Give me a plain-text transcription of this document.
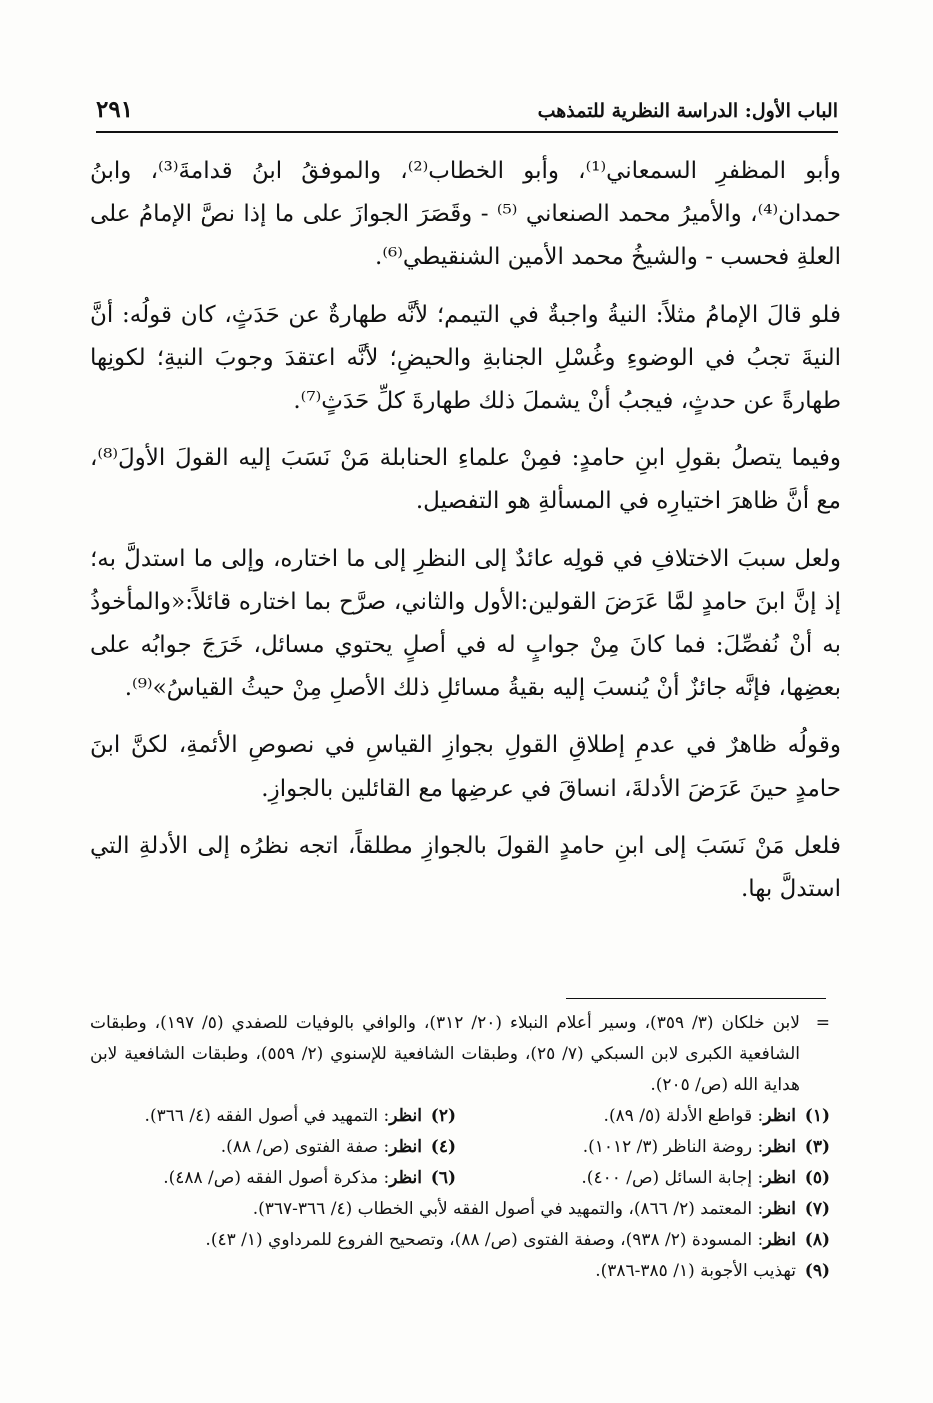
الباب الأول: الدراسة النظرية للتمذهب
٢٩١

وأبو المظفرِ السمعاني⁽¹⁾، وأبو الخطاب⁽²⁾، والموفقُ ابنُ قدامةَ⁽³⁾، وابنُ حمدان⁽⁴⁾، والأميرُ محمد الصنعاني ⁽⁵⁾ - وقَصَرَ الجوازَ على ما إذا نصَّ الإمامُ على العلةِ فحسب - والشيخُ محمد الأمين الشنقيطي⁽⁶⁾.

فلو قالَ الإمامُ مثلاً: النيةُ واجبةٌ في التيمم؛ لأنَّه طهارةٌ عن حَدَثٍ، كان قولُه: أنَّ النيةَ تجبُ في الوضوءِ وغُسْلِ الجنابةِ والحيضِ؛ لأنَّه اعتقدَ وجوبَ النيةِ؛ لكونِها طهارةً عن حدثٍ، فيجبُ أنْ يشملَ ذلك طهارةَ كلِّ حَدَثٍ⁽⁷⁾.

وفيما يتصلُ بقولِ ابنِ حامدٍ: فمِنْ علماءِ الحنابلة مَنْ نَسَبَ إليه القولَ الأولَ⁽⁸⁾، مع أنَّ ظاهرَ اختيارِه في المسألةِ هو التفصيل.

ولعل سببَ الاختلافِ في قولِه عائدٌ إلى النظرِ إلى ما اختاره، وإلى ما استدلَّ به؛ إذ إنَّ ابنَ حامدٍ لمَّا عَرَضَ القولين:الأول والثاني، صرَّح بما اختاره قائلاً:«والمأخوذُ به أنْ نُفصِّلَ: فما كانَ مِنْ جوابٍ له في أصلٍ يحتوي مسائل، خَرَجَ جوابُه على بعضِها، فإنَّه جائزٌ أنْ يُنسبَ إليه بقيةُ مسائلِ ذلك الأصلِ مِنْ حيثُ القياسُ»⁽⁹⁾.

وقولُه ظاهرٌ في عدمِ إطلاقِ القولِ بجوازِ القياسِ في نصوصِ الأئمةِ، لكنَّ ابنَ حامدٍ حينَ عَرَضَ الأدلةَ، انساقَ في عرضِها مع القائلين بالجوازِ.

فلعل مَنْ نَسَبَ إلى ابنِ حامدٍ القولَ بالجوازِ مطلقاً، اتجه نظرُه إلى الأدلةِ التي استدلَّ بها.

=
لابن خلكان (٣/ ٣٥٩)، وسير أعلام النبلاء (٢٠/ ٣١٢)، والوافي بالوفيات للصفدي (٥/ ١٩٧)، وطبقات الشافعية الكبرى لابن السبكي (٧/ ٢٥)، وطبقات الشافعية للإسنوي (٢/ ٥٥٩)، وطبقات الشافعية لابن هداية الله (ص/ ٢٠٥).
(١)
انظر: قواطع الأدلة (٥/ ٨٩).
(٢)
انظر: التمهيد في أصول الفقه (٤/ ٣٦٦).
(٣)
انظر: روضة الناظر (٣/ ١٠١٢).
(٤)
انظر: صفة الفتوى (ص/ ٨٨).
(٥)
انظر: إجابة السائل (ص/ ٤٠٠).
(٦)
انظر: مذكرة أصول الفقه (ص/ ٤٨٨).
(٧)
انظر: المعتمد (٢/ ٨٦٦)، والتمهيد في أصول الفقه لأبي الخطاب (٤/ ٣٦٦-٣٦٧).
(٨)
انظر: المسودة (٢/ ٩٣٨)، وصفة الفتوى (ص/ ٨٨)، وتصحيح الفروع للمرداوي (١/ ٤٣).
(٩)
تهذيب الأجوبة (١/ ٣٨٥-٣٨٦).
